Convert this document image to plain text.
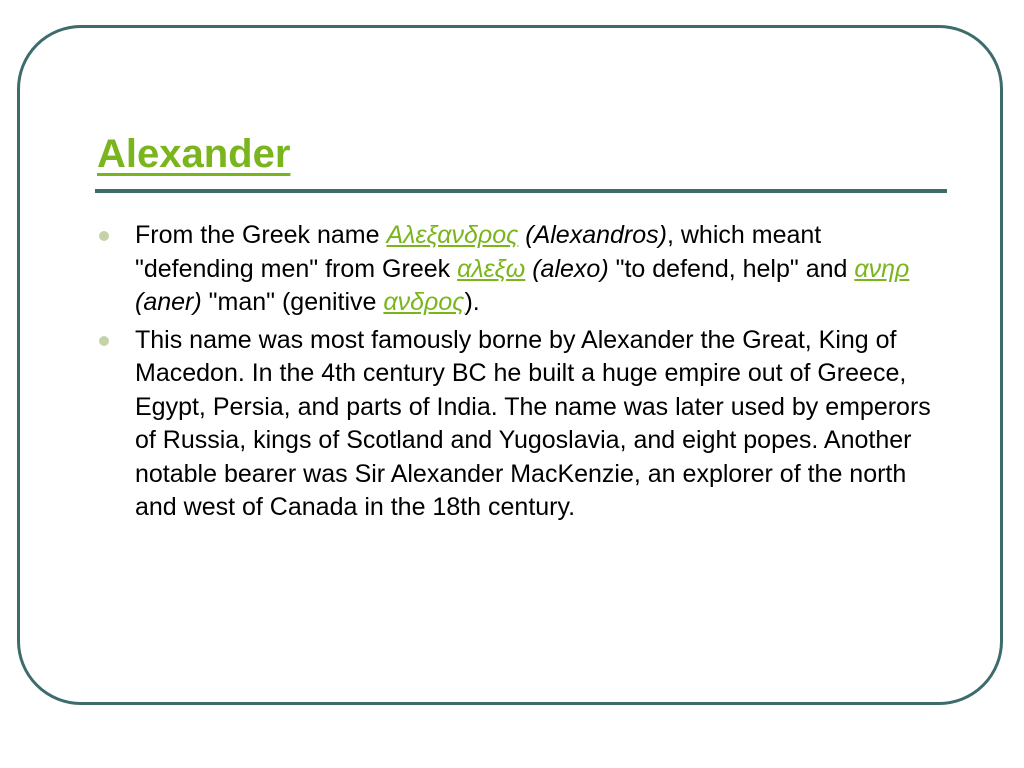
Alexander

From the Greek name Αλεξανδρος (Alexandros), which meant "defending men" from Greek αλεξω (alexo) "to defend, help" and ανηρ (aner) "man" (genitive ανδρος).

This name was most famously borne by Alexander the Great, King of Macedon. In the 4th century BC he built a huge empire out of Greece, Egypt, Persia, and parts of India. The name was later used by emperors of Russia, kings of Scotland and Yugoslavia, and eight popes. Another notable bearer was Sir Alexander MacKenzie, an explorer of the north and west of Canada in the 18th century.
